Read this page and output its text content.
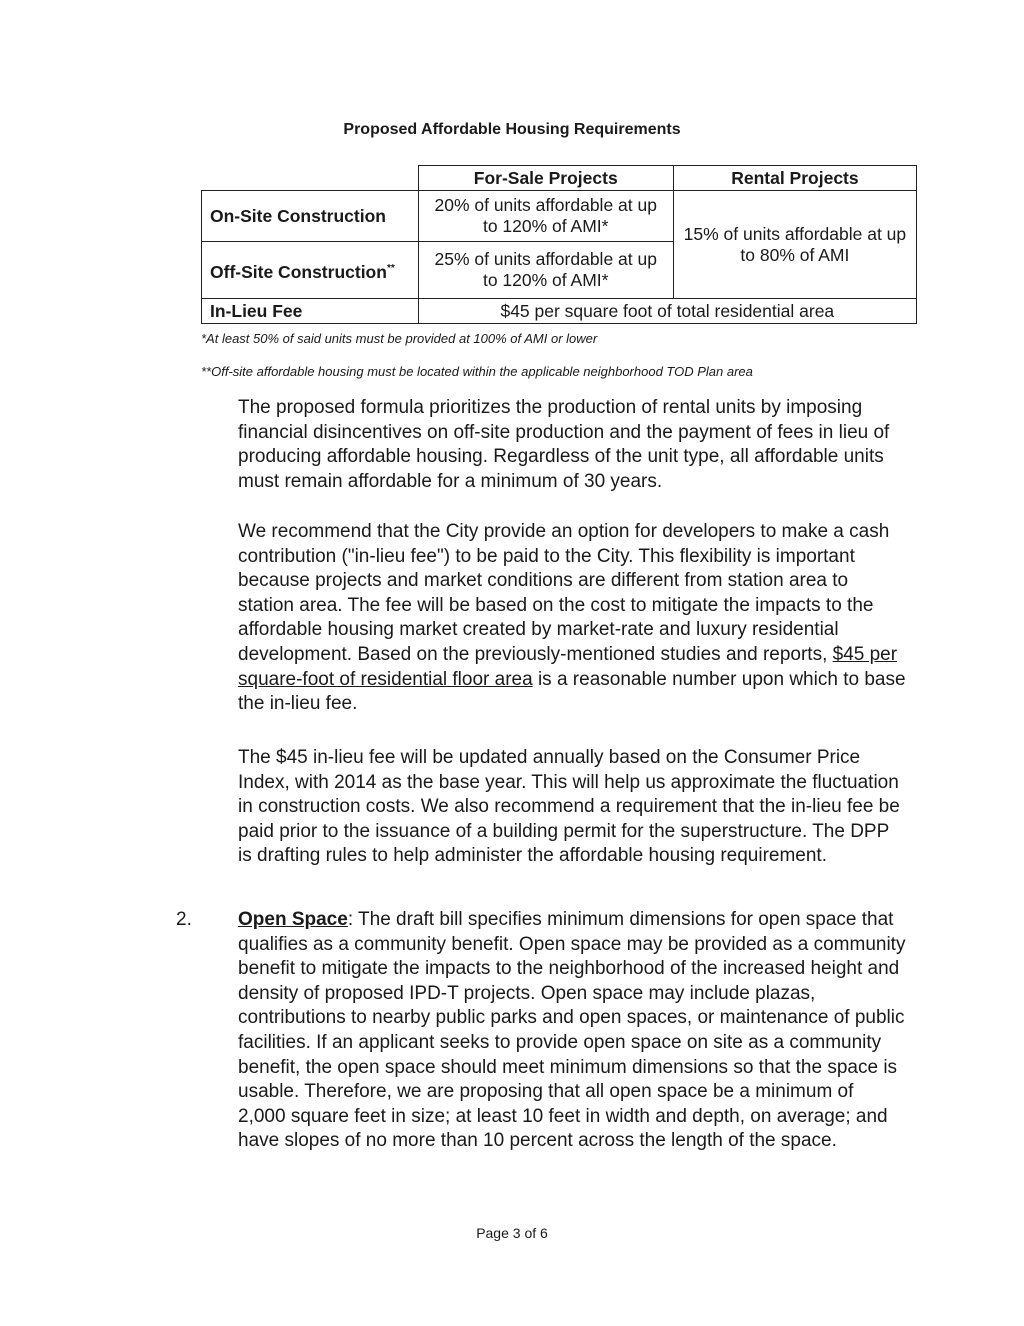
Proposed Affordable Housing Requirements
	For-Sale Projects	Rental Projects
On-Site Construction	20% of units affordable at up to 120% of AMI*	15% of units affordable at up to 80% of AMI
Off-Site Construction**	25% of units affordable at up to 120% of AMI*	
In-Lieu Fee	$45 per square foot of total residential area	
*At least 50% of said units must be provided at 100% of AMI or lower
**Off-site affordable housing must be located within the applicable neighborhood TOD Plan area
The proposed formula prioritizes the production of rental units by imposing financial disincentives on off-site production and the payment of fees in lieu of producing affordable housing. Regardless of the unit type, all affordable units must remain affordable for a minimum of 30 years.
We recommend that the City provide an option for developers to make a cash contribution ("in-lieu fee") to be paid to the City. This flexibility is important because projects and market conditions are different from station area to station area. The fee will be based on the cost to mitigate the impacts to the affordable housing market created by market-rate and luxury residential development. Based on the previously-mentioned studies and reports, $45 per square-foot of residential floor area is a reasonable number upon which to base the in-lieu fee.
The $45 in-lieu fee will be updated annually based on the Consumer Price Index, with 2014 as the base year. This will help us approximate the fluctuation in construction costs. We also recommend a requirement that the in-lieu fee be paid prior to the issuance of a building permit for the superstructure. The DPP is drafting rules to help administer the affordable housing requirement.
2. Open Space: The draft bill specifies minimum dimensions for open space that qualifies as a community benefit. Open space may be provided as a community benefit to mitigate the impacts to the neighborhood of the increased height and density of proposed IPD-T projects. Open space may include plazas, contributions to nearby public parks and open spaces, or maintenance of public facilities. If an applicant seeks to provide open space on site as a community benefit, the open space should meet minimum dimensions so that the space is usable. Therefore, we are proposing that all open space be a minimum of 2,000 square feet in size; at least 10 feet in width and depth, on average; and have slopes of no more than 10 percent across the length of the space.
Page 3 of 6
